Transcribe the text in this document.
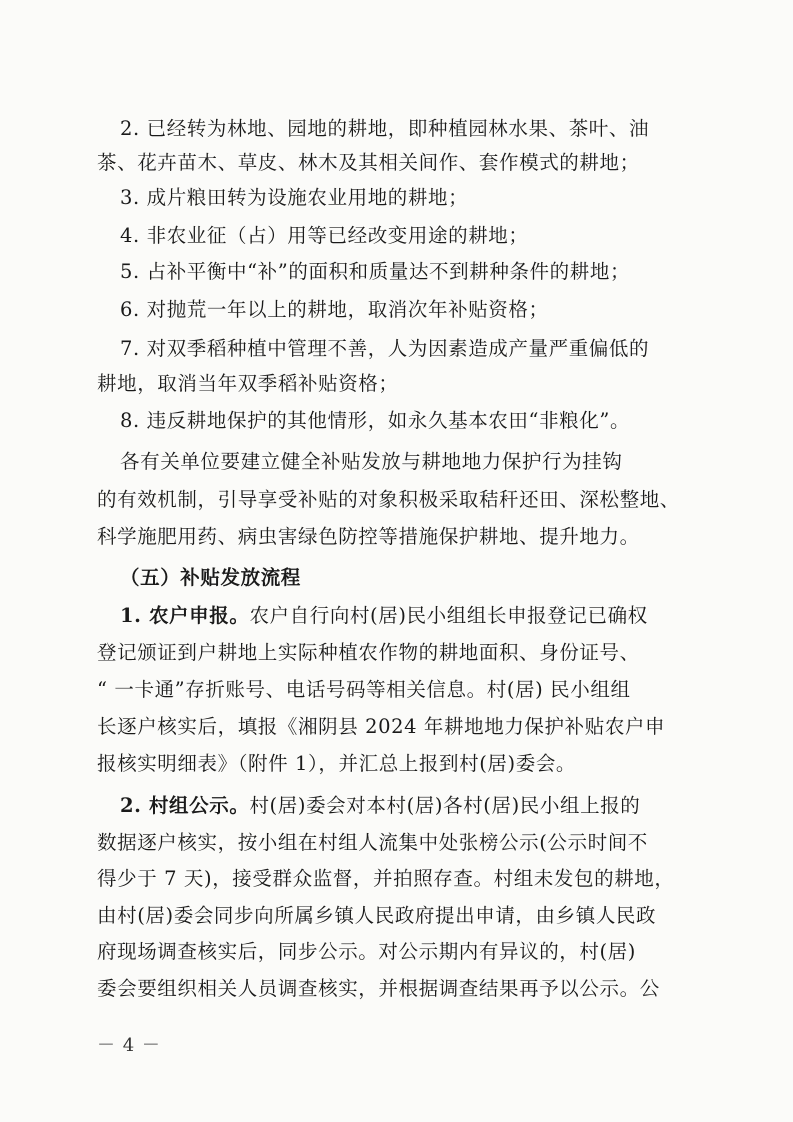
2. 已经转为林地、园地的耕地，即种植园林水果、茶叶、油
茶、花卉苗木、草皮、林木及其相关间作、套作模式的耕地；
3. 成片粮田转为设施农业用地的耕地；
4. 非农业征（占）用等已经改变用途的耕地；
5. 占补平衡中“补”的面积和质量达不到耕种条件的耕地；
6. 对抛荒一年以上的耕地，取消次年补贴资格；
7. 对双季稻种植中管理不善，人为因素造成产量严重偏低的
耕地，取消当年双季稻补贴资格；
8. 违反耕地保护的其他情形，如永久基本农田“非粮化”。
各有关单位要建立健全补贴发放与耕地地力保护行为挂钩
的有效机制，引导享受补贴的对象积极采取秸秆还田、深松整地、
科学施肥用药、病虫害绿色防控等措施保护耕地、提升地力。
（五）补贴发放流程
1. 农户申报。农户自行向村(居)民小组组长申报登记已确权
登记颁证到户耕地上实际种植农作物的耕地面积、身份证号、
“ 一卡通”存折账号、电话号码等相关信息。村(居) 民小组组
长逐户核实后，填报《湘阴县 2024 年耕地地力保护补贴农户申
报核实明细表》（附件 1），并汇总上报到村(居)委会。
2. 村组公示。村(居)委会对本村(居)各村(居)民小组上报的
数据逐户核实，按小组在村组人流集中处张榜公示(公示时间不
得少于 7 天)，接受群众监督，并拍照存查。村组未发包的耕地，
由村(居)委会同步向所属乡镇人民政府提出申请，由乡镇人民政
府现场调查核实后，同步公示。对公示期内有异议的，村(居)
委会要组织相关人员调查核实，并根据调查结果再予以公示。公
－ 4 －
